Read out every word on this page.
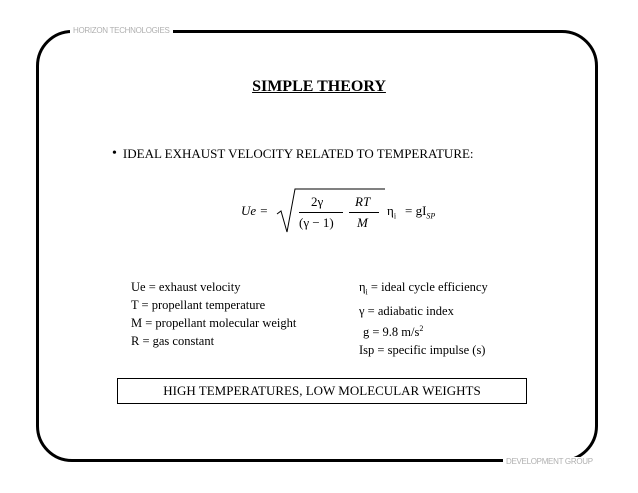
HORIZON TECHNOLOGIES
DEVELOPMENT GROUP
SIMPLE THEORY
• IDEAL EXHAUST VELOCITY RELATED TO TEMPERATURE:
Ue =
2γ
(γ − 1)
RT
M
$\eta_i = gI_{SP}$
Ue = exhaust velocity
T = propellant temperature
M = propellant molecular weight
R = gas constant
$\eta_i$ = ideal cycle efficiency
γ = adiabatic index
g = 9.8 $m/s^2$
Isp = specific impulse (s)
HIGH TEMPERATURES, LOW MOLECULAR WEIGHTS
